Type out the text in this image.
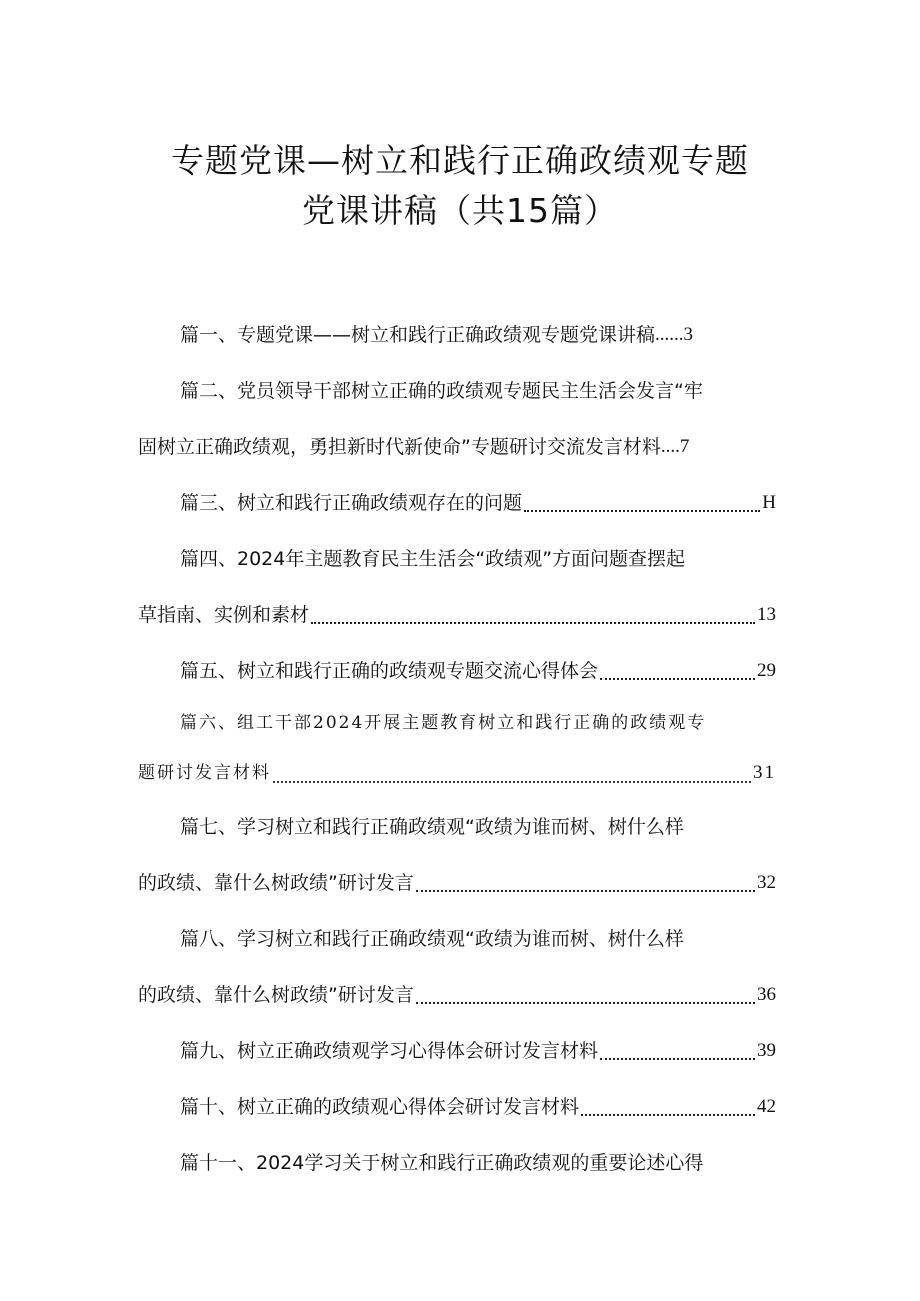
专题党课—树立和践行正确政绩观专题
党课讲稿（共15篇）
篇一、专题党课——树立和践行正确政绩观专题党课讲稿 ......3
篇二、党员领导干部树立正确的政绩观专题民主生活会发言“牢
固树立正确政绩观，勇担新时代新使命”专题研讨交流发言材料 ....7
篇三、树立和践行正确政绩观存在的问题	H
篇四、2024年主题教育民主生活会“政绩观”方面问题查摆起
草指南、实例和素材	13
篇五、树立和践行正确的政绩观专题交流心得体会	29
篇六、组工干部2024开展主题教育树立和践行正确的政绩观专
题研讨发言材料	31
篇七、学习树立和践行正确政绩观“政绩为谁而树、树什么样
的政绩、靠什么树政绩”研讨发言	32
篇八、学习树立和践行正确政绩观“政绩为谁而树、树什么样
的政绩、靠什么树政绩”研讨发言	36
篇九、树立正确政绩观学习心得体会研讨发言材料	39
篇十、树立正确的政绩观心得体会研讨发言材料	42
篇十一、2024学习关于树立和践行正确政绩观的重要论述心得
